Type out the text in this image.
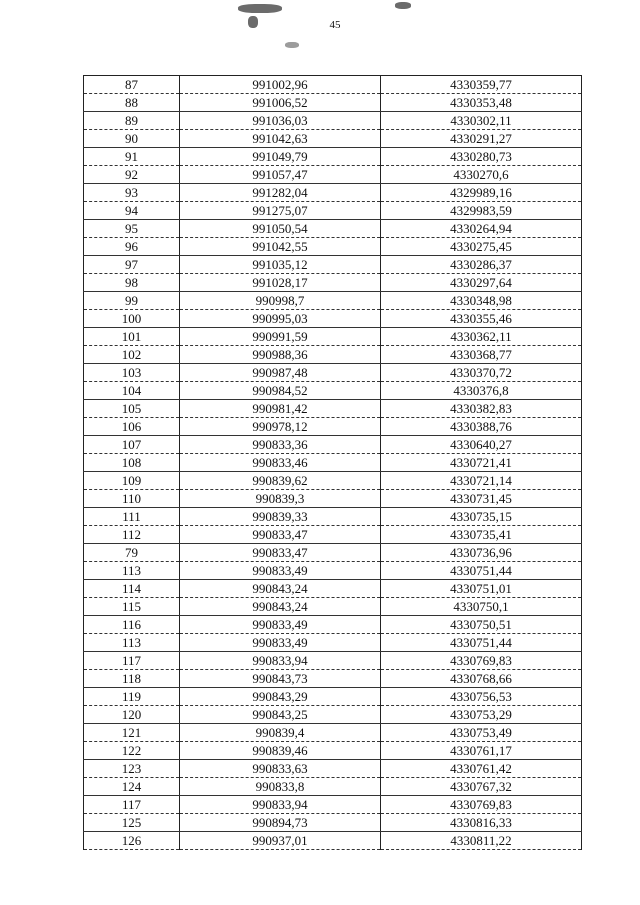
45
87	991002,96	4330359,77
88	991006,52	4330353,48
89	991036,03	4330302,11
90	991042,63	4330291,27
91	991049,79	4330280,73
92	991057,47	4330270,6
93	991282,04	4329989,16
94	991275,07	4329983,59
95	991050,54	4330264,94
96	991042,55	4330275,45
97	991035,12	4330286,37
98	991028,17	4330297,64
99	990998,7	4330348,98
100	990995,03	4330355,46
101	990991,59	4330362,11
102	990988,36	4330368,77
103	990987,48	4330370,72
104	990984,52	4330376,8
105	990981,42	4330382,83
106	990978,12	4330388,76
107	990833,36	4330640,27
108	990833,46	4330721,41
109	990839,62	4330721,14
110	990839,3	4330731,45
111	990839,33	4330735,15
112	990833,47	4330735,41
79	990833,47	4330736,96
113	990833,49	4330751,44
114	990843,24	4330751,01
115	990843,24	4330750,1
116	990833,49	4330750,51
113	990833,49	4330751,44
117	990833,94	4330769,83
118	990843,73	4330768,66
119	990843,29	4330756,53
120	990843,25	4330753,29
121	990839,4	4330753,49
122	990839,46	4330761,17
123	990833,63	4330761,42
124	990833,8	4330767,32
117	990833,94	4330769,83
125	990894,73	4330816,33
126	990937,01	4330811,22
